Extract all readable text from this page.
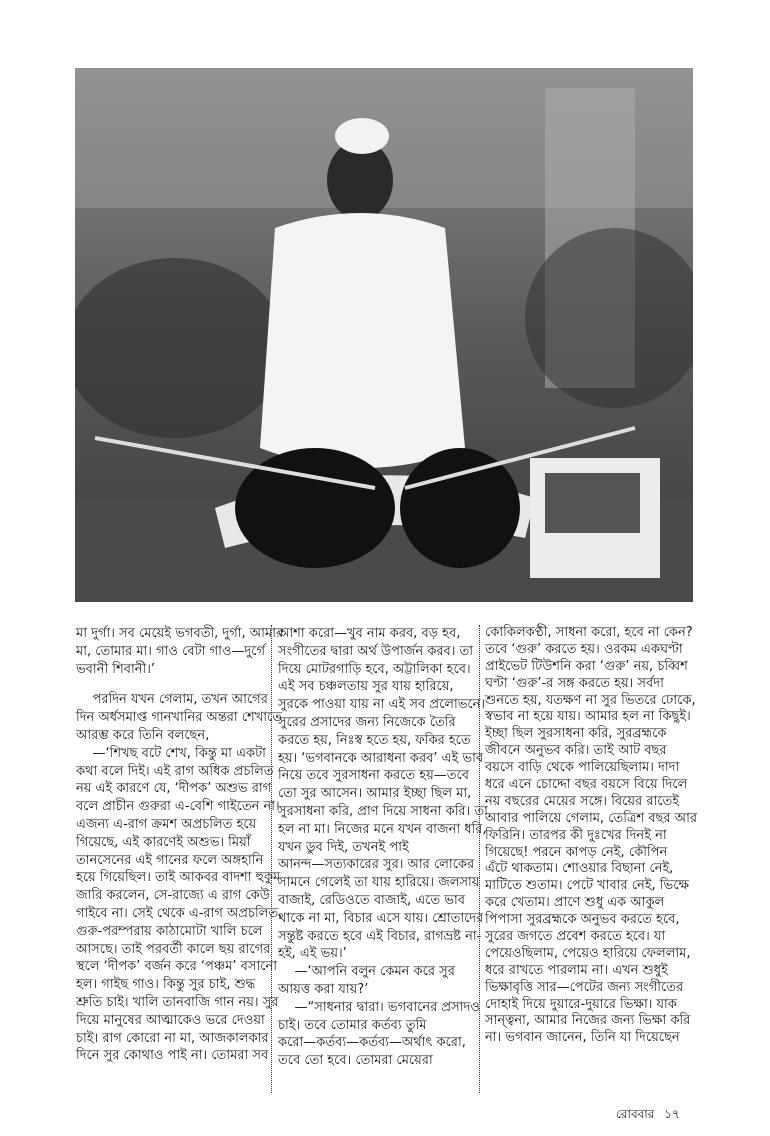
মা দুর্গা। সব মেয়েই ভগবতী, দুর্গা, আমার
মা, তোমার মা। গাও বেটা গাও—দুর্গে
ভবানী শিবানী।’
পরদিন যখন গেলাম, তখন আগের
দিন অর্ধসমাপ্ত গানখানির অন্তরা শেখাতে
আরম্ভ করে তিনি বলছেন,
—‘শিখছ বটে শেখ, কিন্তু মা একটা
কথা বলে দিই। এই রাগ অধিক প্রচলিত
নয় এই কারণে যে, ‘দীপক’ অশুভ রাগ
বলে প্রাচীন গুরুরা এ-বেশি গাইতেন না।
এজন্য এ-রাগ ক্রমশ অপ্রচলিত হয়ে
গিয়েছে, এই কারণেই অশুভ। মিয়াঁ
তানসেনের এই গানের ফলে অঙ্গহানি
হয়ে গিয়েছিল। তাই আকবর বাদশা হুকুম
জারি করলেন, সে-রাজ্যে এ রাগ কেউ
গাইবে না। সেই থেকে এ-রাগ অপ্রচলিত,
গুরু-পরম্পরায় কাঠামোটা খালি চলে
আসছে। তাই পরবর্তী কালে ছয় রাগের
স্থলে ‘দীপক’ বর্জন করে ‘পঞ্চম’ বসানো
হল। গাইছ গাও। কিন্তু সুর চাই, শুদ্ধ
শ্রুতি চাই। খালি তানবাজি গান নয়। সুর
দিয়ে মানুষের আত্মাকেও ভরে দেওয়া
চাই। রাগ কোরো না মা, আজকালকার
দিনে সুর কোথাও পাই না। তোমরা সব
আশা করো—খুব নাম করব, বড় হব,
সংগীতের দ্বারা অর্থ উপার্জন করব। তা
দিয়ে মোটরগাড়ি হবে, অট্টালিকা হবে।
এই সব চঞ্চলতায় সুর যায় হারিয়ে,
সুরকে পাওয়া যায় না এই সব প্রলোভনে।
সুরের প্রসাদের জন্য নিজেকে তৈরি
করতে হয়, নিঃস্ব হতে হয়, ফকির হতে
হয়। ‘ভগবানকে আরাধনা করব’ এই ভাব
নিয়ে তবে সুরসাধনা করতে হয়—তবে
তো সুর আসেন। আমার ইচ্ছা ছিল মা,
সুরসাধনা করি, প্রাণ দিয়ে সাধনা করি। তা
হল না মা। নিজের মনে যখন বাজনা ধরি,
যখন ডুব দিই, তখনই পাই
আনন্দ—সত্যকারের সুর। আর লোকের
সামনে গেলেই তা যায় হারিয়ে। জলসায়
বাজাই, রেডিওতে বাজাই, এতে ভাব
থাকে না মা, বিচার এসে যায়। শ্রোতাদের
সন্তুষ্ট করতে হবে এই বিচার, রাগভ্রষ্ট না-
হই, এই ভয়।’
—‘আপনি বলুন কেমন করে সুর
আয়ত্ত করা যায়?’
—“সাধনার দ্বারা। ভগবানের প্রসাদও
চাই। তবে তোমার কর্তব্য তুমি
করো—কর্তব্য—কর্তব্য—অর্থাৎ করো,
তবে তো হবে। তোমরা মেয়েরা
কোকিলকণ্ঠী, সাধনা করো, হবে না কেন?
তবে ‘গুরু’ করতে হয়। ওরকম একঘণ্টা
প্রাইভেট টিউশনি করা ‘গুরু’ নয়, চব্বিশ
ঘণ্টা ‘গুরু’-র সঙ্গ করতে হয়। সর্বদা
শুনতে হয়, যতক্ষণ না সুর ভিতরে ঢোকে,
স্বভাব না হয়ে যায়। আমার হল না কিছুই।
ইচ্ছা ছিল সুরসাধনা করি, সুরব্রহ্মকে
জীবনে অনুভব করি। তাই আট বছর
বয়সে বাড়ি থেকে পালিয়েছিলাম। দাদা
ধরে এনে চোদ্দো বছর বয়সে বিয়ে দিলে
নয় বছরের মেয়ের সঙ্গে। বিয়ের রাতেই
আবার পালিয়ে গেলাম, তেত্রিশ বছর আর
ফিরিনি। তারপর কী দুঃখের দিনই না
গিয়েছে! পরনে কাপড় নেই, কৌপিন
এঁটে থাকতাম। শোওয়ার বিছানা নেই,
মাটিতে শুতাম। পেটে খাবার নেই, ভিক্ষে
করে খেতাম। প্রাণে শুধু এক আকুল
পিপাসা সুরব্রহ্মকে অনুভব করতে হবে,
সুরের জগতে প্রবেশ করতে হবে। যা
পেয়েওছিলাম, পেয়েও হারিয়ে ফেললাম,
ধরে রাখতে পারলাম না। এখন শুধুই
ভিক্ষাবৃত্তি সার—পেটের জন্য সংগীতের
দোহাই দিয়ে দুয়ারে-দুয়ারে ভিক্ষা। যাক
সান্ত্বনা, আমার নিজের জন্য ভিক্ষা করি
না। ভগবান জানেন, তিনি যা দিয়েছেন
রোববার ১৭
